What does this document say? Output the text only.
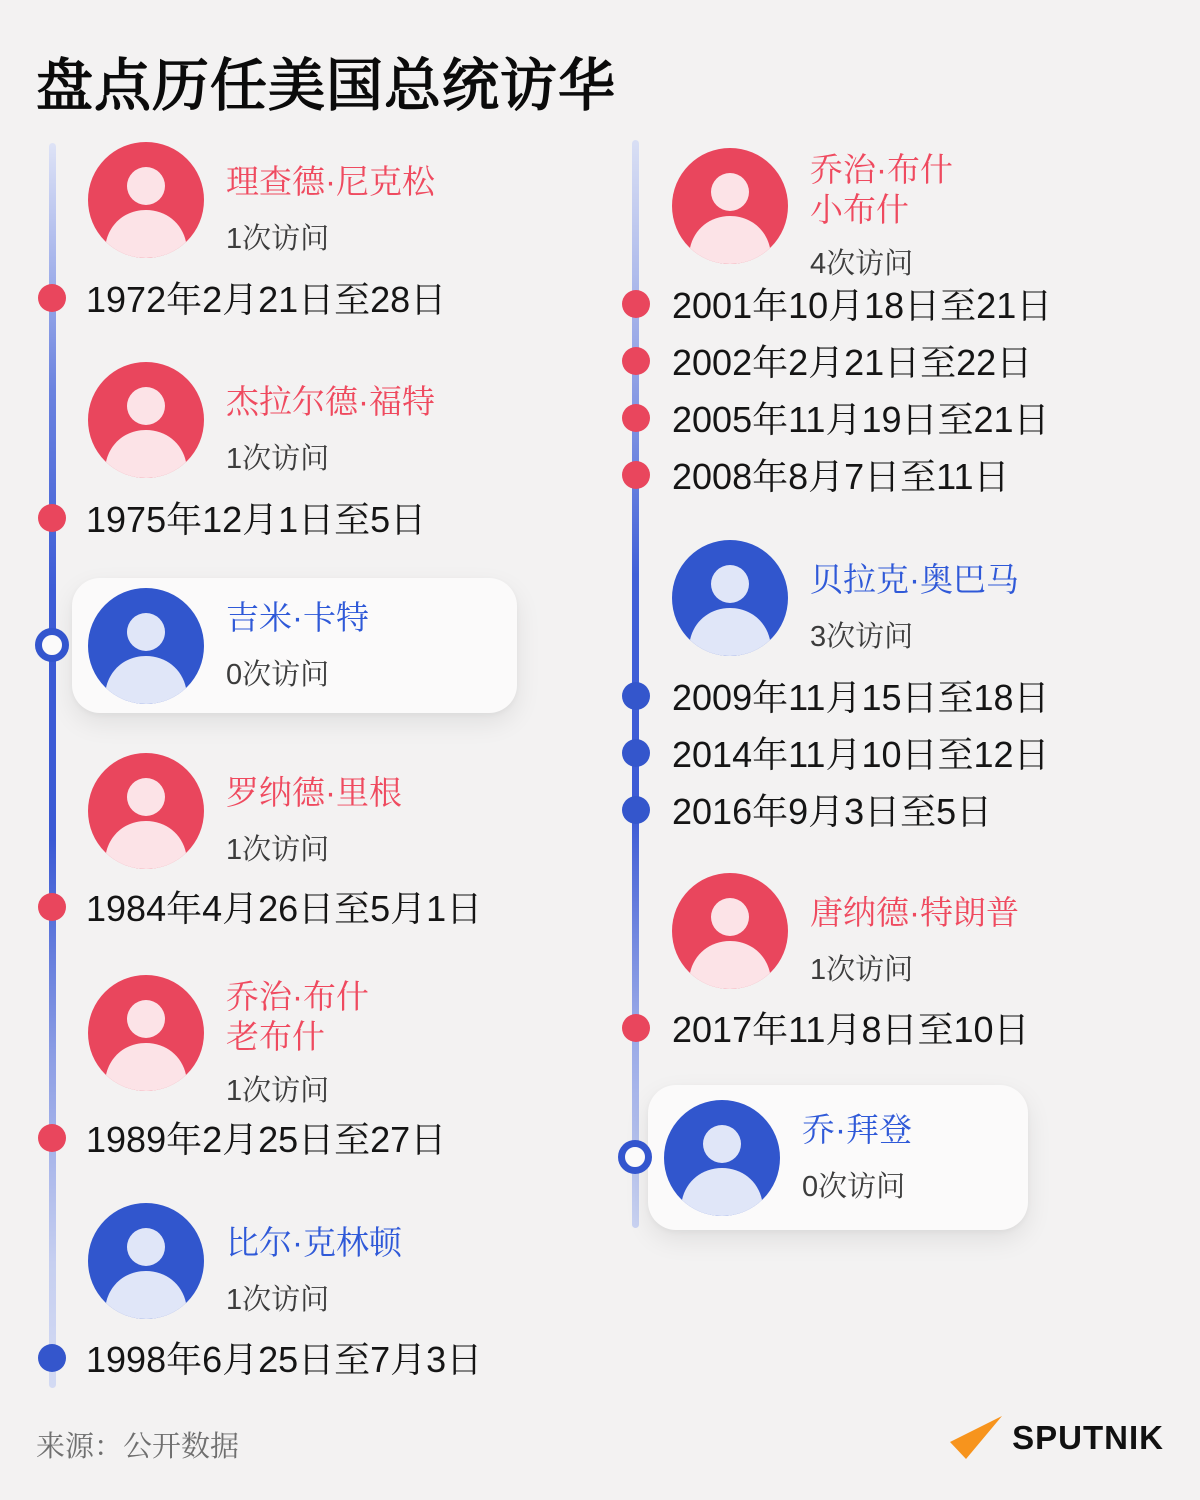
盘点历任美国总统访华
理查德·尼克松
1次访问
1972年2月21日至28日
杰拉尔德·福特
1次访问
1975年12月1日至5日
吉米·卡特
0次访问
罗纳德·里根
1次访问
1984年4月26日至5月1日
乔治·布什
老布什
1次访问
1989年2月25日至27日
比尔·克林顿
1次访问
1998年6月25日至7月3日
乔治·布什
小布什
4次访问
2001年10月18日至21日
2002年2月21日至22日
2005年11月19日至21日
2008年8月7日至11日
贝拉克·奥巴马
3次访问
2009年11月15日至18日
2014年11月10日至12日
2016年9月3日至5日
唐纳德·特朗普
1次访问
2017年11月8日至10日
乔·拜登
0次访问
来源：公开数据	SPUTNIK
